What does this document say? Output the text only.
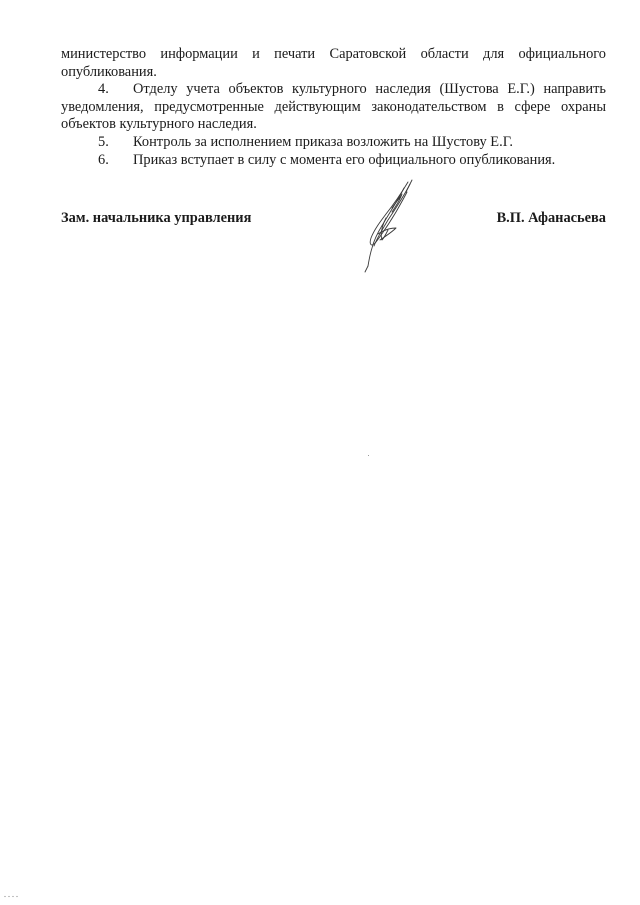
министерство информации и печати Саратовской области для официального опубликования.

4. Отделу учета объектов культурного наследия (Шустова Е.Г.) направить уведомления, предусмотренные действующим законодательством в сфере охраны объектов культурного наследия.

5. Контроль за исполнением приказа возложить на Шустову Е.Г.

6. Приказ вступает в силу с момента его официального опубликования.

Зам. начальника управления	В.П. Афанасьева
